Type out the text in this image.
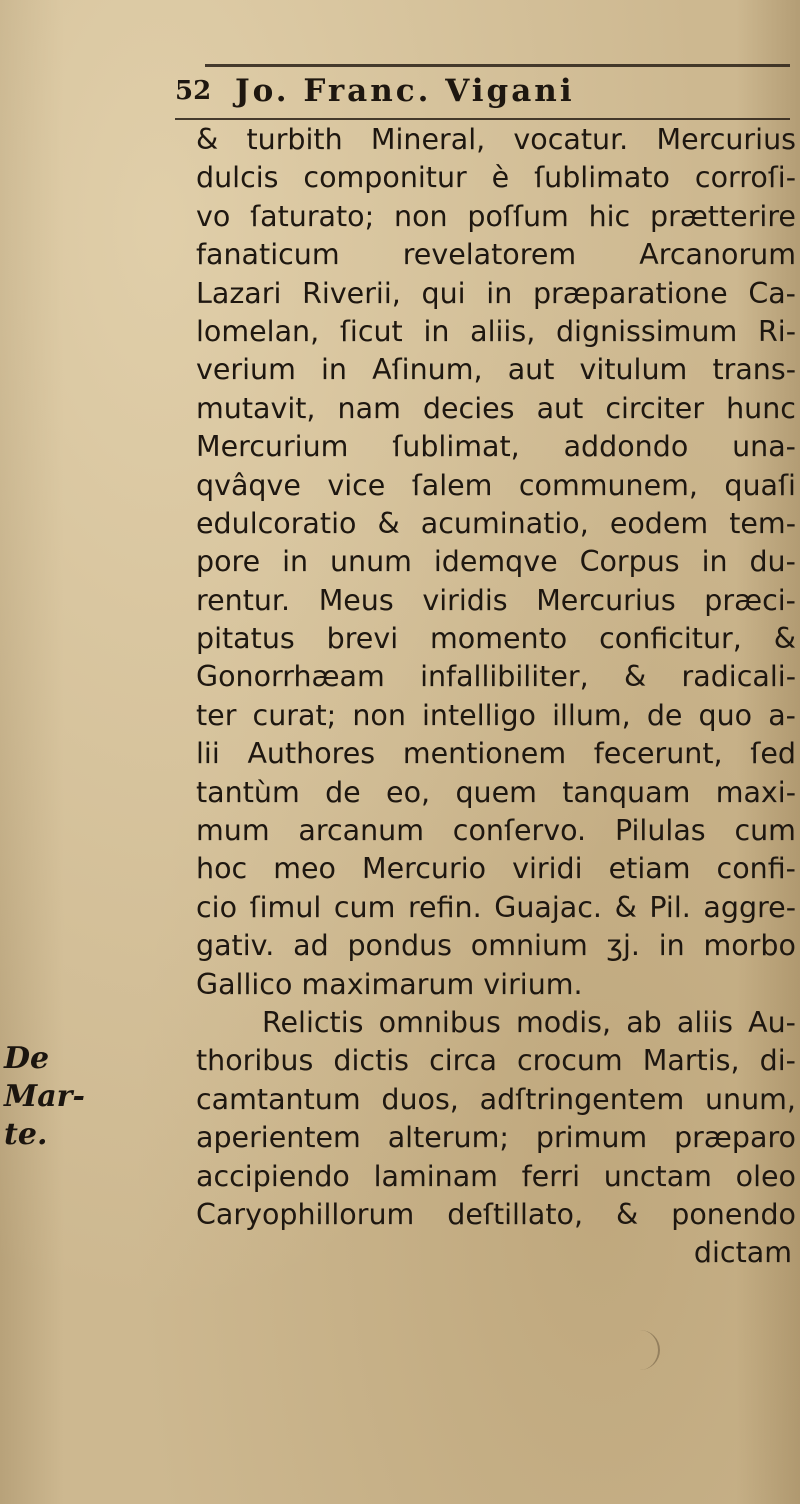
52 Jo. Franc. Vigani
& turbith Mineral, vocatur. Mercurius
dulcis componitur è ſublimato corroſi-
vo ſaturato; non poſſum hic prætterire
fanaticum revelatorem Arcanorum
Lazari Riverii, qui in præparatione Ca-
lomelan, ſicut in aliis, dignissimum Ri-
verium in Aſinum, aut vitulum trans-
mutavit, nam decies aut circiter hunc
Mercurium ſublimat, addondo una-
qvâqve vice ſalem communem, quaſi
edulcoratio & acuminatio, eodem tem-
pore in unum idemqve Corpus in du-
rentur. Meus viridis Mercurius præci-
pitatus brevi momento conficitur, &
Gonorrhæam infallibiliter, & radicali-
ter curat; non intelligo illum, de quo a-
lii Authores mentionem fecerunt, ſed
tantùm de eo, quem tanquam maxi-
mum arcanum conſervo. Pilulas cum
hoc meo Mercurio viridi etiam confi-
cio ſimul cum refin. Guajac. & Pil. aggre-
gativ. ad pondus omnium ʒj. in morbo
Gallico maximarum virium.
Relictis omnibus modis, ab aliis Au-
thoribus dictis circa crocum Martis, di-
camtantum duos, adſtringentem unum,
aperientem alterum; primum præparo
accipiendo laminam ferri unctam oleo
Caryophillorum deſtillato, & ponendo
dictam
De Mar-
te.
